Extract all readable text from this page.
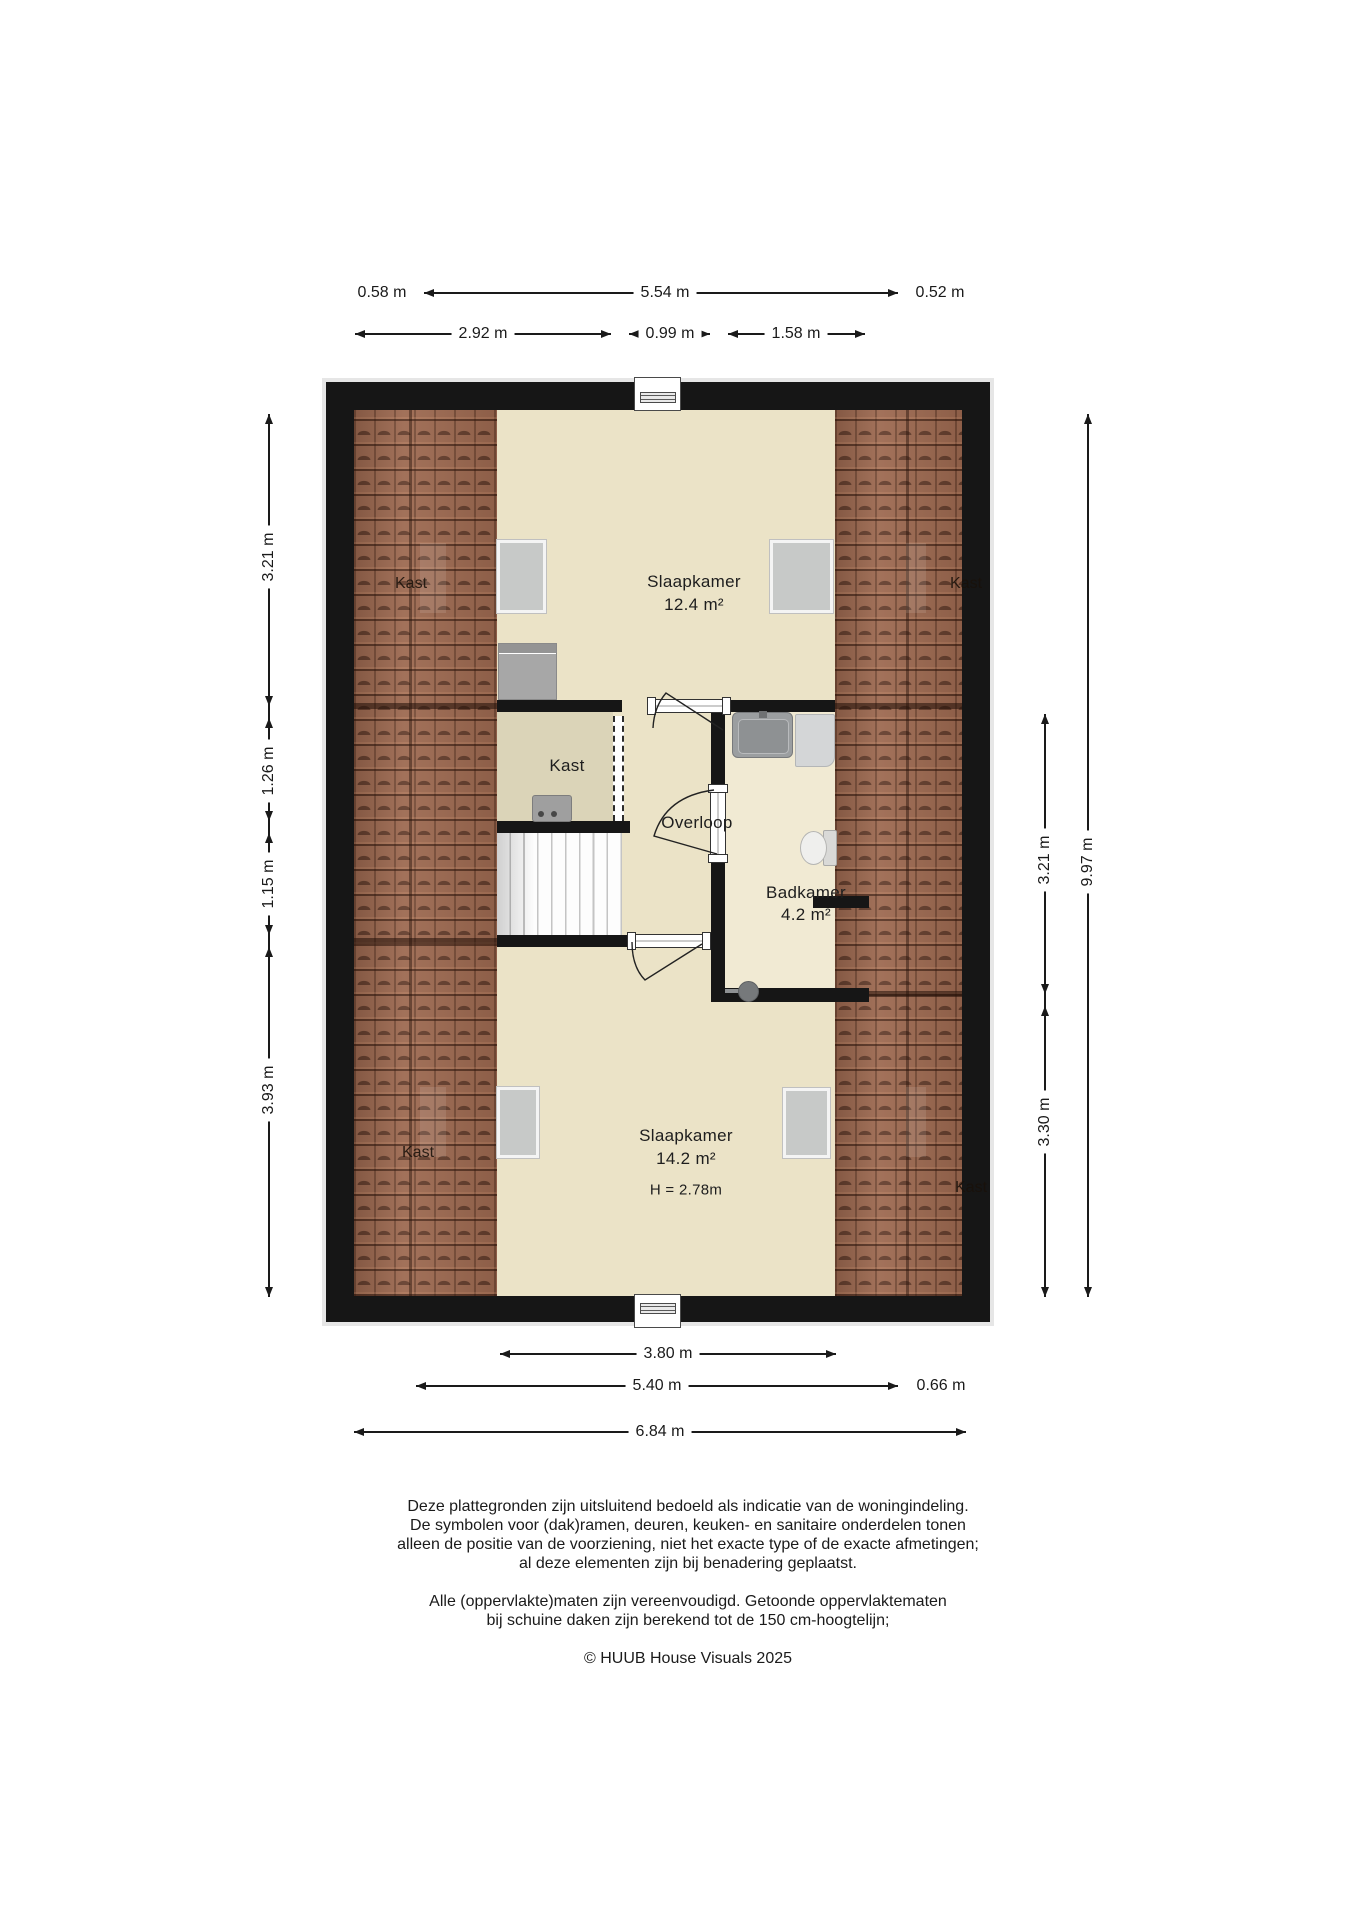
0.58 m	5.54 m	0.52 m
2.92 m	0.99 m	1.58 m
3.21 m
1.26 m
1.15 m
3.93 m
3.21 m
3.30 m
9.97 m
3.80 m
5.40 m	0.66 m
6.84 m
Slaapkamer
12.4 m²
Slaapkamer
14.2 m²
H = 2.78m
Badkamer
4.2 m²
Overloop
Kast
Kast	Kast
Kast
Kast
Deze plattegronden zijn uitsluitend bedoeld als indicatie van de woningindeling.
De symbolen voor (dak)ramen, deuren, keuken- en sanitaire onderdelen tonen
alleen de positie van de voorziening, niet het exacte type of de exacte afmetingen;
al deze elementen zijn bij benadering geplaatst.
Alle (oppervlakte)maten zijn vereenvoudigd. Getoonde oppervlaktematen
bij schuine daken zijn berekend tot de 150 cm-hoogtelijn;
© HUUB House Visuals 2025
